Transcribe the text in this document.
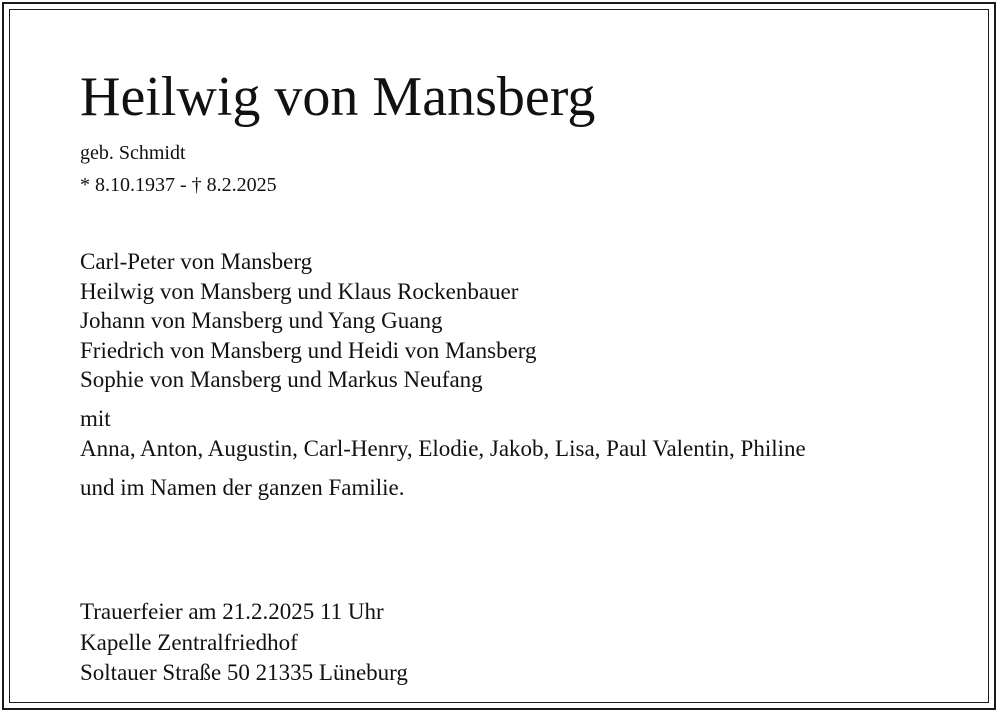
Heilwig von Mansberg
geb. Schmidt
* 8.10.1937 - † 8.2.2025
Carl-Peter von Mansberg
Heilwig von Mansberg und Klaus Rockenbauer
Johann von Mansberg und Yang Guang
Friedrich von Mansberg und Heidi von Mansberg
Sophie von Mansberg und Markus Neufang
mit
Anna, Anton, Augustin, Carl-Henry, Elodie, Jakob, Lisa, Paul Valentin, Philine
und im Namen der ganzen Familie.
Trauerfeier am 21.2.2025 11 Uhr
Kapelle Zentralfriedhof
Soltauer Straße 50 21335 Lüneburg
